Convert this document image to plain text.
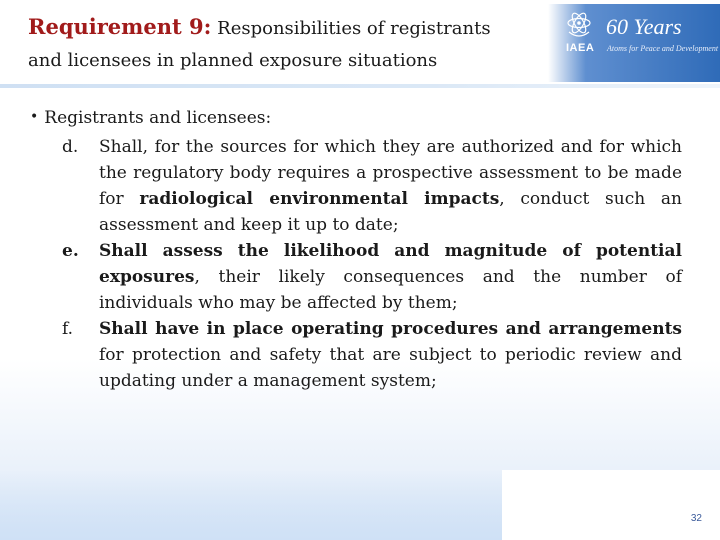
IAEA
60 Years
Atoms for Peace and Development
Requirement 9: Responsibilities of registrants
and licensees in planned exposure situations
32
• Registrants and licensees:
d.	Shall, for the sources for which they are authorized and for which the regulatory body requires a prospective assessment to be made for radiological environmental impacts, conduct such an assessment and keep it up to date;
e.	Shall assess the likelihood and magnitude of potential exposures, their likely consequences and the number of individuals who may be affected by them;
f.	Shall have in place operating procedures and arrangements for protection and safety that are subject to periodic review and updating under a management system;
